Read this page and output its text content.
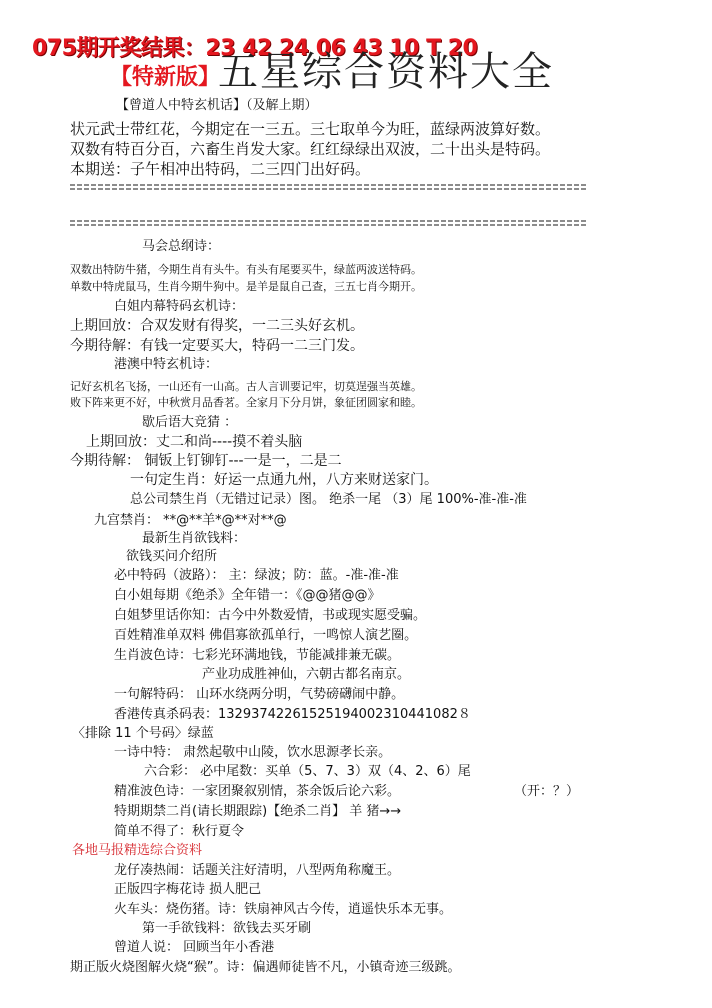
075期开奖结果：23 42 24 06 43 10 T 20
【特新版】
五星综合资料大全
【曾道人中特玄机话】（及解上期）
状元武士带红花，今期定在一三五。三七取单今为旺，蓝绿两波算好数。
双数有特百分百，六畜生肖发大家。红红绿绿出双波，二十出头是特码。
本期送：子午相冲出特码，二三四门出好码。
马会总纲诗：
双数出特防牛猪，今期生肖有头牛。有头有尾要买牛，绿蓝两波送特码。
单数中特虎鼠马，生肖今期牛狗中。是羊是鼠自己查，三五七肖今期开。
白姐内幕特码玄机诗：
上期回放：合双发财有得奖，一二三头好玄机。
今期待解：有钱一定要买大，特码一二三门发。
港澳中特玄机诗：
记好玄机名飞扬，一山还有一山高。古人言训要记牢，切莫逞强当英雄。
败下阵来更不好，中秋赏月品香茗。全家月下分月饼，象征团圆家和睦。
歇后语大竞猜 ：
上期回放：丈二和尚----摸不着头脑
今期待解： 铜钣上钉铆钉---一是一，二是二
一句定生肖：好运一点通九州，八方来财送家门。
总公司禁生肖（无错过记录）图。 绝杀一尾 （3）尾 100%-准-准-准
九宫禁肖： **@**羊*@**对**@
最新生肖欲钱料：
欲钱买问介绍所
必中特码（波路）： 主：绿波；防：蓝。-准-准-准
白小姐每期《绝杀》全年错一：《@@猪@@》
白姐梦里话你知：古今中外数爱情，书或现实愿受骗。
百姓精准单双料 佛倡寡欲孤单行，一鸣惊人演艺圈。
生肖波色诗：七彩光环满地钱，节能减排兼无碳。
产业功成胜神仙，六朝古都名南京。
一句解特码： 山环水绕两分明，气势磅礴闹中静。
香港传真杀码表：13293742261525194002310441082８
〈排除 11 个号码〉绿蓝
一诗中特： 肃然起敬中山陵，饮水思源孝长亲。
六合彩： 必中尾数：买单（5、7、3）双（4、2、6）尾
精准波色诗：一家团聚叙别情，茶余饭后论六彩。	（开：？）
特期期禁二肖(请长期跟踪)【绝杀二肖】 羊 猪→→
简单不得了：秋行夏令
各地马报精选综合资料
龙仔凑热闹：话题关注好清明，八型两角称魔王。
正版四字梅花诗 损人肥己
火车头：烧伤猪。诗：铁扇神风古今传，逍遥快乐本无事。
第一手欲钱料：欲钱去买牙刷
曾道人说： 回顾当年小香港
期正版火烧图解火烧“猴”。诗：偏遇师徒皆不凡，小镇奇迹三级跳。
